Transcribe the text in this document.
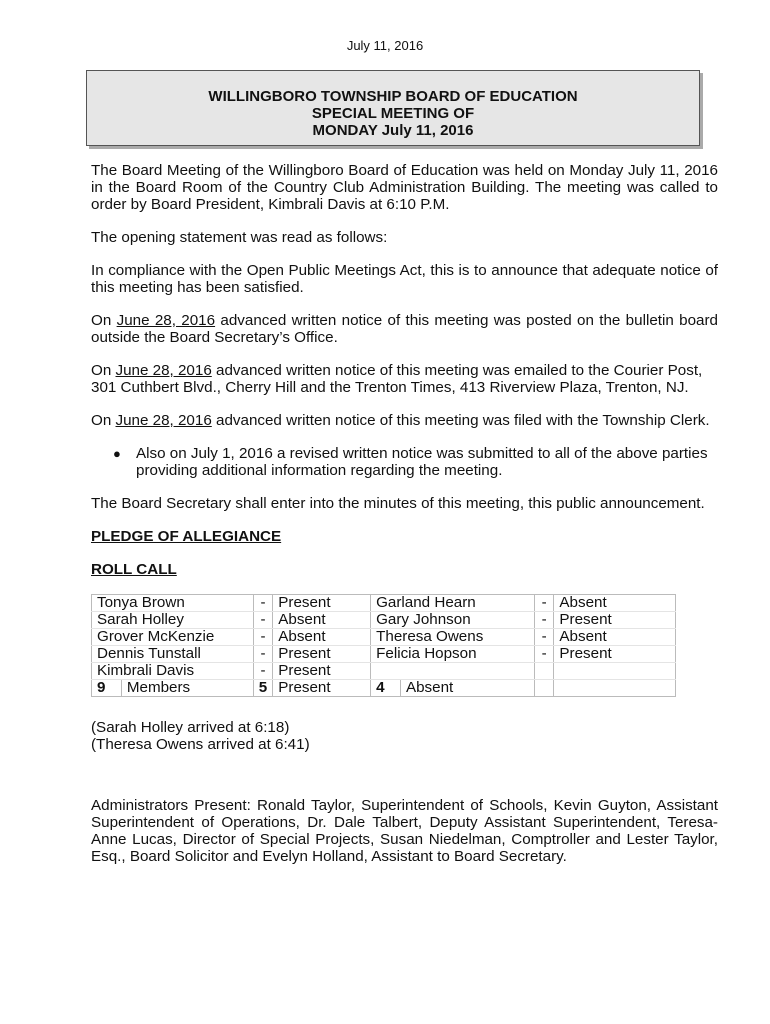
July 11, 2016
WILLINGBORO TOWNSHIP BOARD OF EDUCATION
SPECIAL MEETING OF
MONDAY July 11, 2016

The Board Meeting of the Willingboro Board of Education was held on Monday July 11, 2016 in the Board Room of the Country Club Administration Building. The meeting was called to order by Board President, Kimbrali Davis at 6:10 P.M.

The opening statement was read as follows:

In compliance with the Open Public Meetings Act, this is to announce that adequate notice of this meeting has been satisfied.

On June 28, 2016 advanced written notice of this meeting was posted on the bulletin board outside the Board Secretary’s Office.

On June 28, 2016 advanced written notice of this meeting was emailed to the Courier Post, 301 Cuthbert Blvd., Cherry Hill and the Trenton Times, 413 Riverview Plaza, Trenton, NJ.

On June 28, 2016 advanced written notice of this meeting was filed with the Township Clerk.

● Also on July 1, 2016 a revised written notice was submitted to all of the above parties providing additional information regarding the meeting.

The Board Secretary shall enter into the minutes of this meeting, this public announcement.

PLEDGE OF ALLEGIANCE

ROLL CALL

Tonya Brown		-	Present	Garland Hearn		-	Absent
Sarah Holley		-	Absent	Gary Johnson		-	Present
Grover McKenzie		-	Absent	Theresa Owens		-	Absent
Dennis Tunstall		-	Present	Felicia Hopson		-	Present
Kimbrali Davis		-	Present				
9	Members	5	Present	4	Absent		
(Sarah Holley arrived at 6:18)
(Theresa Owens arrived at 6:41)

Administrators Present: Ronald Taylor, Superintendent of Schools, Kevin Guyton, Assistant Superintendent of Operations, Dr. Dale Talbert, Deputy Assistant Superintendent, Teresa-Anne Lucas, Director of Special Projects, Susan Niedelman, Comptroller and Lester Taylor, Esq., Board Solicitor and Evelyn Holland, Assistant to Board Secretary.
